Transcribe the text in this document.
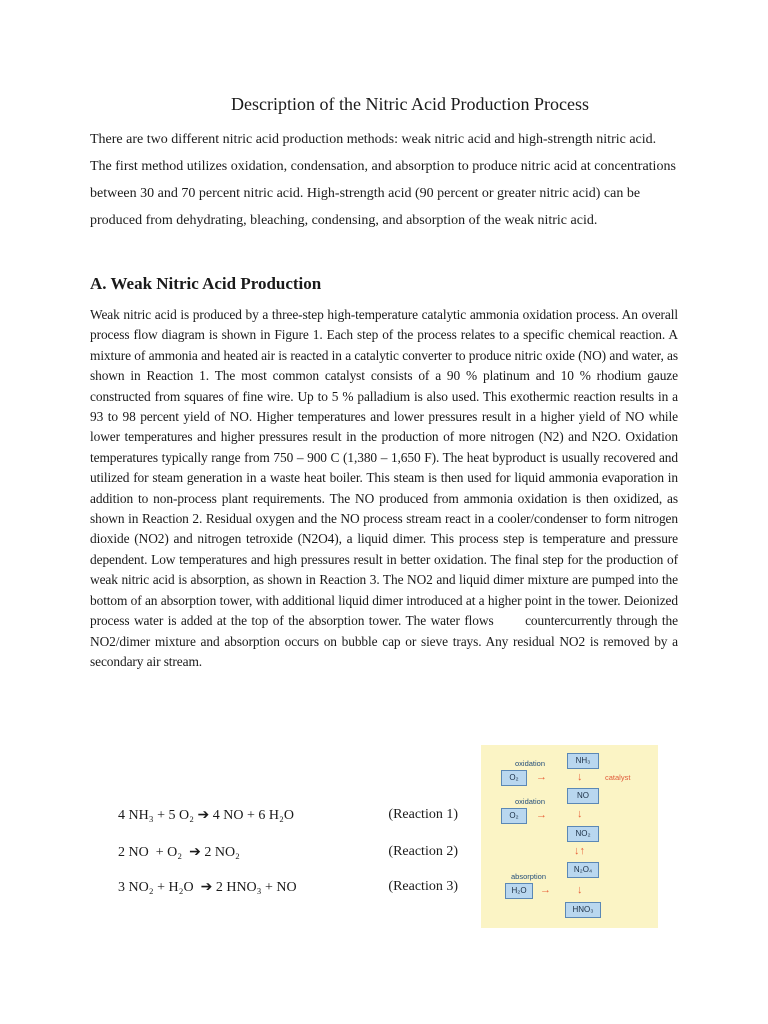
Description of the Nitric Acid Production Process

There are two different nitric acid production methods: weak nitric acid and high-strength nitric acid. The first method utilizes oxidation, condensation, and absorption to produce nitric acid at concentrations between 30 and 70 percent nitric acid. High-strength acid (90 percent or greater nitric acid) can be produced from dehydrating, bleaching, condensing, and absorption of the weak nitric acid.

A. Weak Nitric Acid Production

Weak nitric acid is produced by a three-step high-temperature catalytic ammonia oxidation process. An overall process flow diagram is shown in Figure 1. Each step of the process relates to a specific chemical reaction. A mixture of ammonia and heated air is reacted in a catalytic converter to produce nitric oxide (NO) and water, as shown in Reaction 1. The most common catalyst consists of a 90 % platinum and 10 % rhodium gauze constructed from squares of fine wire. Up to 5 % palladium is also used. This exothermic reaction results in a 93 to 98 percent yield of NO. Higher temperatures and lower pressures result in a higher yield of NO while lower temperatures and higher pressures result in the production of more nitrogen (N2) and N2O. Oxidation temperatures typically range from 750 – 900 C (1,380 – 1,650 F). The heat byproduct is usually recovered and utilized for steam generation in a waste heat boiler. This steam is then used for liquid ammonia evaporation in addition to non-process plant requirements. The NO produced from ammonia oxidation is then oxidized, as shown in Reaction 2. Residual oxygen and the NO process stream react in a cooler/condenser to form nitrogen dioxide (NO2) and nitrogen tetroxide (N2O4), a liquid dimer. This process step is temperature and pressure dependent. Low temperatures and high pressures result in better oxidation. The final step for the production of weak nitric acid is absorption, as shown in Reaction 3. The NO2 and liquid dimer mixture are pumped into the bottom of an absorption tower, with additional liquid dimer introduced at a higher point in the tower. Deionized process water is added at the top of the absorption tower. The water flows       countercurrently through the NO2/dimer mixture and absorption occurs on bubble cap or sieve trays. Any residual NO2 is removed by a secondary air stream.

4 NH₃ + 5 O₂ ➔ 4 NO + 6 H₂O	(Reaction 1)
2 NO  + O₂  ➔ 2 NO₂	(Reaction 2)
3 NO₂ + H₂O  ➔ 2 HNO₃ + NO	(Reaction 3)
oxidation
O₂	→
NH₃
↓	catalyst
oxidation
NO
O₂	→	↓
NO₂
↓↑
absorption
N₂O₄
H₂O	→ ↓
HNO₃
